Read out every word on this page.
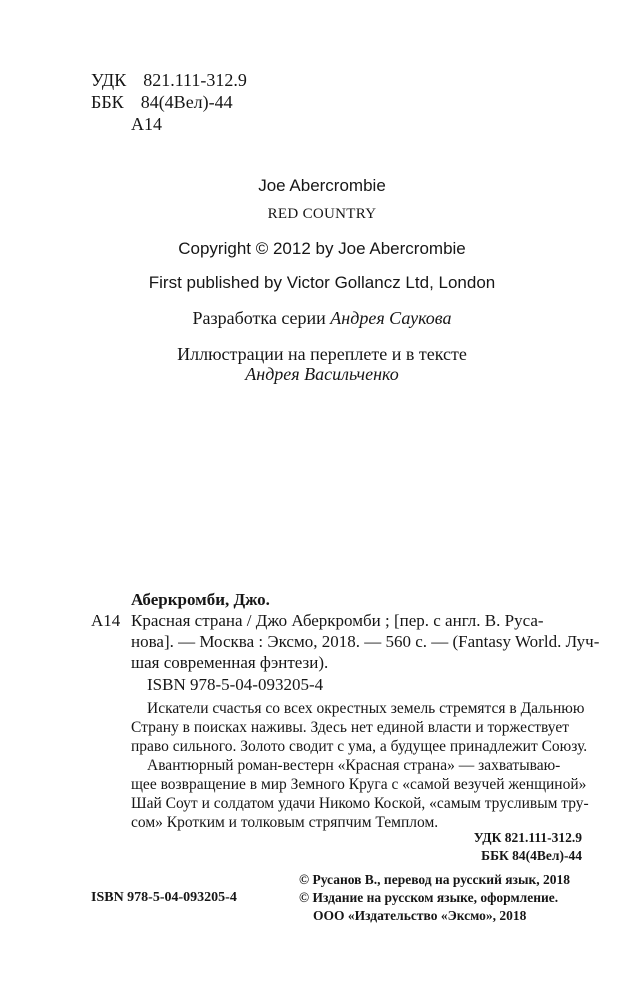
УДК 821.111-312.9
ББК 84(4Вел)-44
А14
Joe Abercrombie
RED COUNTRY
Copyright © 2012 by Joe Abercrombie
First published by Victor Gollancz Ltd, London
Разработка серии Андрея Саукова
Иллюстрации на переплете и в тексте
Андрея Васильченко
Аберкромби, Джо.
А14 Красная страна / Джо Аберкромби ; [пер. с англ. В. Руса-
нова]. — Москва : Эксмо, 2018. — 560 с. — (Fantasy World. Луч-
шая современная фэнтези).
ISBN 978-5-04-093205-4
Искатели счастья со всех окрестных земель стремятся в Дальнюю
Страну в поисках наживы. Здесь нет единой власти и торжествует
право сильного. Золото сводит с ума, а будущее принадлежит Союзу.
Авантюрный роман-вестерн «Красная страна» — захватываю-
щее возвращение в мир Земного Круга с «самой везучей женщиной»
Шай Соут и солдатом удачи Никомо Коской, «самым трусливым тру-
сом» Кротким и толковым стряпчим Темплом.
УДК 821.111-312.9
ББК 84(4Вел)-44
ISBN 978-5-04-093205-4
© Русанов В., перевод на русский язык, 2018
© Издание на русском языке, оформление.
ООО «Издательство «Эксмо», 2018
